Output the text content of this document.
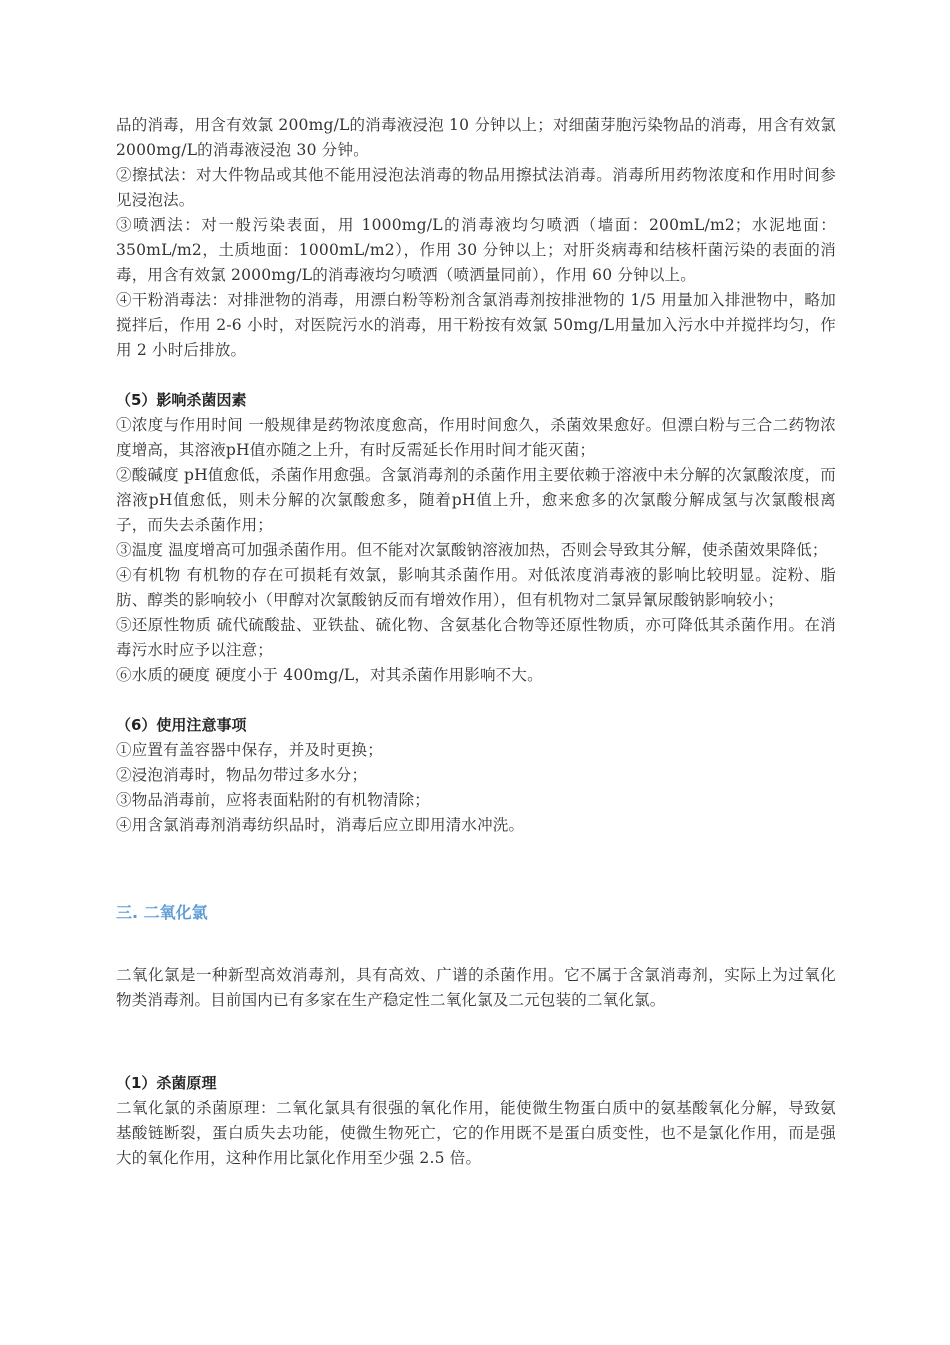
品的消毒，用含有效氯 200mg/L的消毒液浸泡 10 分钟以上；对细菌芽胞污染物品的消毒，用含有效氯 2000mg/L的消毒液浸泡 30 分钟。

②擦拭法：对大件物品或其他不能用浸泡法消毒的物品用擦拭法消毒。消毒所用药物浓度和作用时间参见浸泡法。

③喷洒法：对一般污染表面，用 1000mg/L的消毒液均匀喷洒（墙面：200mL/m2；水泥地面：350mL/m2，土质地面：1000mL/m2），作用 30 分钟以上；对肝炎病毒和结核杆菌污染的表面的消毒，用含有效氯 2000mg/L的消毒液均匀喷洒（喷洒量同前），作用 60 分钟以上。

④干粉消毒法：对排泄物的消毒，用漂白粉等粉剂含氯消毒剂按排泄物的 1/5 用量加入排泄物中，略加搅拌后，作用 2-6 小时，对医院污水的消毒，用干粉按有效氯 50mg/L用量加入污水中并搅拌均匀，作用 2 小时后排放。

（5）影响杀菌因素

①浓度与作用时间 一般规律是药物浓度愈高，作用时间愈久，杀菌效果愈好。但漂白粉与三合二药物浓度增高，其溶液pH值亦随之上升，有时反需延长作用时间才能灭菌；

②酸碱度 pH值愈低，杀菌作用愈强。含氯消毒剂的杀菌作用主要依赖于溶液中未分解的次氯酸浓度，而溶液pH值愈低，则未分解的次氯酸愈多，随着pH值上升，愈来愈多的次氯酸分解成氢与次氯酸根离子，而失去杀菌作用；

③温度 温度增高可加强杀菌作用。但不能对次氯酸钠溶液加热，否则会导致其分解，使杀菌效果降低；

④有机物 有机物的存在可损耗有效氯，影响其杀菌作用。对低浓度消毒液的影响比较明显。淀粉、脂肪、醇类的影响较小（甲醇对次氯酸钠反而有增效作用），但有机物对二氯异氰尿酸钠影响较小；

⑤还原性物质 硫代硫酸盐、亚铁盐、硫化物、含氨基化合物等还原性物质，亦可降低其杀菌作用。在消毒污水时应予以注意；

⑥水质的硬度 硬度小于 400mg/L，对其杀菌作用影响不大。

（6）使用注意事项

①应置有盖容器中保存，并及时更换；

②浸泡消毒时，物品勿带过多水分；

③物品消毒前，应将表面粘附的有机物清除；

④用含氯消毒剂消毒纺织品时，消毒后应立即用清水冲洗。

三. 二氧化氯

二氧化氯是一种新型高效消毒剂，具有高效、广谱的杀菌作用。它不属于含氯消毒剂，实际上为过氧化物类消毒剂。目前国内已有多家在生产稳定性二氧化氯及二元包装的二氧化氯。

（1）杀菌原理

二氧化氯的杀菌原理：二氧化氯具有很强的氧化作用，能使微生物蛋白质中的氨基酸氧化分解，导致氨基酸链断裂，蛋白质失去功能，使微生物死亡，它的作用既不是蛋白质变性，也不是氯化作用，而是强大的氧化作用，这种作用比氯化作用至少强 2.5 倍。
